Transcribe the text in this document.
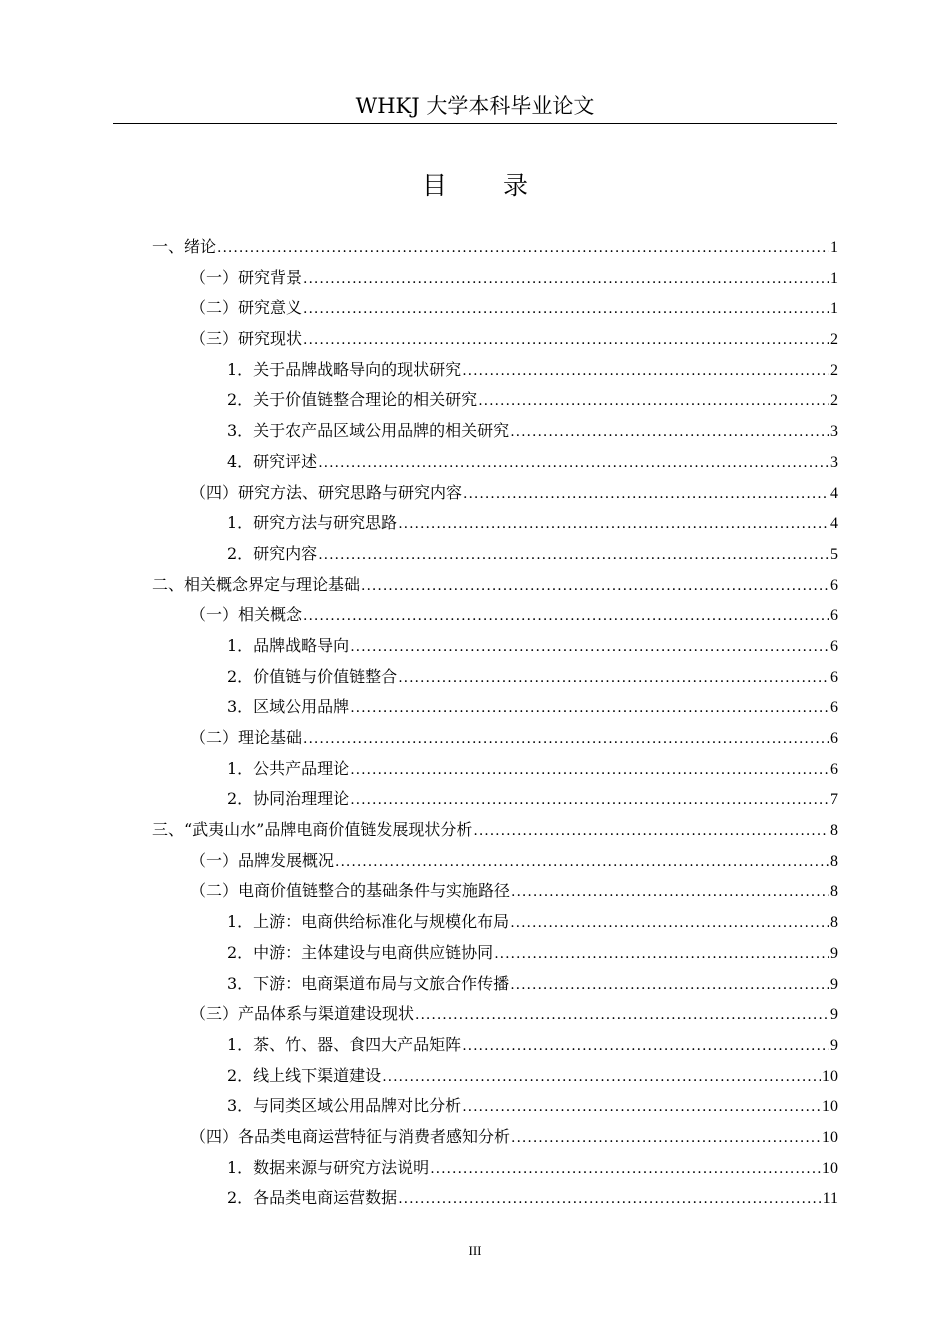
WHKJ 大学本科毕业论文
目 录
一、绪论 .....	1
（一）研究背景 .....	1
（二）研究意义 .....	1
（三）研究现状 .....	2
1．关于品牌战略导向的现状研究 .....	2
2．关于价值链整合理论的相关研究 .....	2
3．关于农产品区域公用品牌的相关研究 .....	3
4．研究评述 .....	3
（四）研究方法、研究思路与研究内容 .....	4
1．研究方法与研究思路 .....	4
2．研究内容 .....	5
二、相关概念界定与理论基础 .....	6
（一）相关概念 .....	6
1．品牌战略导向 .....	6
2．价值链与价值链整合 .....	6
3．区域公用品牌 .....	6
（二）理论基础 .....	6
1．公共产品理论 .....	6
2．协同治理理论 .....	7
三、“武夷山水”品牌电商价值链发展现状分析 .....	8
（一）品牌发展概况 .....	8
（二）电商价值链整合的基础条件与实施路径 .....	8
1．上游：电商供给标准化与规模化布局 .....	8
2．中游：主体建设与电商供应链协同 .....	9
3．下游：电商渠道布局与文旅合作传播 .....	9
（三）产品体系与渠道建设现状 .....	9
1．茶、竹、器、食四大产品矩阵 .....	9
2．线上线下渠道建设 .....	10
3．与同类区域公用品牌对比分析 .....	10
（四）各品类电商运营特征与消费者感知分析 .....	10
1．数据来源与研究方法说明 .....	10
2．各品类电商运营数据 .....	11
III
